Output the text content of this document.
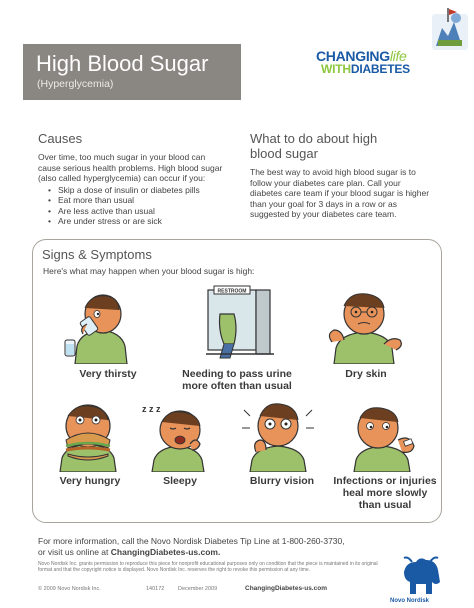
High Blood Sugar
(Hyperglycemia)
CHANGINGlife
WITHDIABETES
Causes
Over time, too much sugar in your blood can cause serious health problems. High blood sugar (also called hyperglycemia) can occur if you:
• Skip a dose of insulin or diabetes pills
• Eat more than usual
• Are less active than usual
• Are under stress or are sick
What to do about high
blood sugar
The best way to avoid high blood sugar is to follow your diabetes care plan. Call your diabetes care team if your blood sugar is higher than your goal for 3 days in a row or as suggested by your diabetes care team.
Signs & Symptoms
Here's what may happen when your blood sugar is high:
RESTROOM
Very thirsty	Needing to pass urine
more often than usual
Dry skin
z z z
Very hungry	Sleepy	Blurry vision	Infections or injuries
heal more slowly
than usual
For more information, call the Novo Nordisk Diabetes Tip Line at 1-800-260-3730,
or visit us online at ChangingDiabetes-us.com.
Novo Nordisk Inc. grants permission to reproduce this piece for nonprofit educational purposes only on condition that the piece is maintained in its original format and that the copyright notice is displayed. Novo Nordisk Inc. reserves the right to revoke this permission at any time.
© 2009 Novo Nordisk Inc.	140172 December 2009	ChangingDiabetes-us.com
Novo Nordisk
